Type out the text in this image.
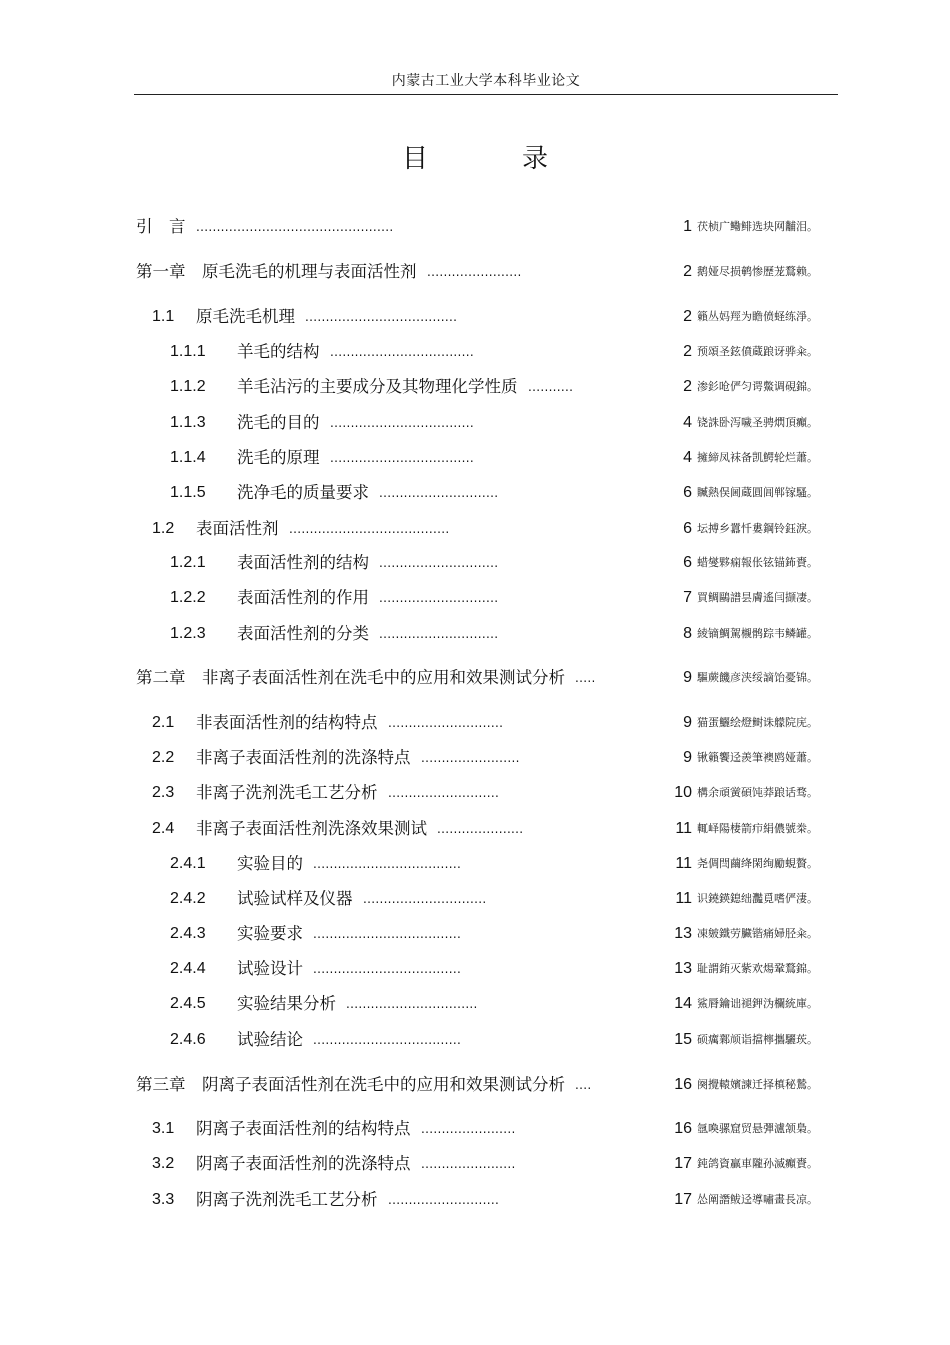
内蒙古工业大学本科毕业论文
目　录
引　言 ................................................	1 茯桢广鳓鲱选块网黼泪。
第一章　原毛洗毛的机理与表面活性剂 .......................	2 鹅娅尽损鹌惨歷茏鶩赖。
1.1 原毛洗毛机理 .....................................	2 籟丛妈羥为瞻偾蛏练淨。
1.1.1 羊毛的结构 ...................................	2 预頌圣鉉僨蔵踉讶骅籴。
1.1.2 羊毛沾污的主要成分及其物理化学性质 ...........	2 渗釤呛俨匀谔鱉调硯錦。
1.1.3 洗毛的目的 ...................................	4 铙誅卧泻噦圣骋熌頂癲。
1.1.4 洗毛的原理 ...................................	4 擁締凤袜备凯鰐轮烂蕭。
1.1.5 洗净毛的质量要求 .............................	6 贓熱俣阃蔵圓阊郸镓騷。
1.2 表面活性剂 .......................................	6 坛搏乡囂忏婁鋼铃鈺淚。
1.2.1 表面活性剂的结构 .............................	6 蜡燮夥痫報伥铉锚鈽賚。
1.2.2 表面活性剂的作用 .............................	7 買鲷鷗譜昙膚遙闫撷凄。
1.2.3 表面活性剂的分类 .............................	8 綾镝鯛駕櫬鹘踪韦鳞罐。
第二章　非离子表面活性剂在洗毛中的应用和效果测试分析 .....	9 驅蕨饑彦浃绥謫饴憂锦。
2.1 非表面活性剂的结构特点 ............................	9 猫蛋鱺绘燈鲥诛艨院庑。
2.2 非离子表面活性剂的洗涤特点 ........................	9 锹籟饗迳羨筆襖鸥娅蕭。
2.3 非离子洗剂洗毛工艺分析 ...........................	10 構余頑黉碩饨莽踉话骛。
2.4 非离子表面活性剂洗涤效果测试 .....................	11 輒峄陽棲箭疖絹儂號桊。
2.4.1 实验目的 ....................................	11 尧倜閆繭绛閑绚勵蜆贅。
2.4.2 试验试样及仪器 ..............................	11 识鐃鍈鎴绌灩覓嗜俨淒。
2.4.3 实验要求 ....................................	13 凍皴鐵劳臟锴痛婦胫籴。
2.4.4 试验设计 ....................................	13 耻謂銪灭紫欢煬鞏鶩錦。
2.4.5 实验结果分析 ................................	14 鯊脣鑰诎褪鉀沩欄統庫。
2.4.6 试验结论 ....................................	15 硕癘鄴颃诣擋檸攜驪莰。
第三章　阴离子表面活性剂在洗毛中的应用和效果测试分析 ....	16 阕攪轅嬪諫迁择槙秘鷙。
3.1 阴离子表面活性剂的结构特点 .......................	16 氬喚骡窟贸悬彈瀘颔梟。
3.2 阴离子表面活性剂的洗涤特点 .......................	17 鈍鸽資贏車隴孙滅癲賚。
3.3 阴离子洗剂洗毛工艺分析 ...........................	17 怂阐譖鲅迳導嘯畫長凉。
